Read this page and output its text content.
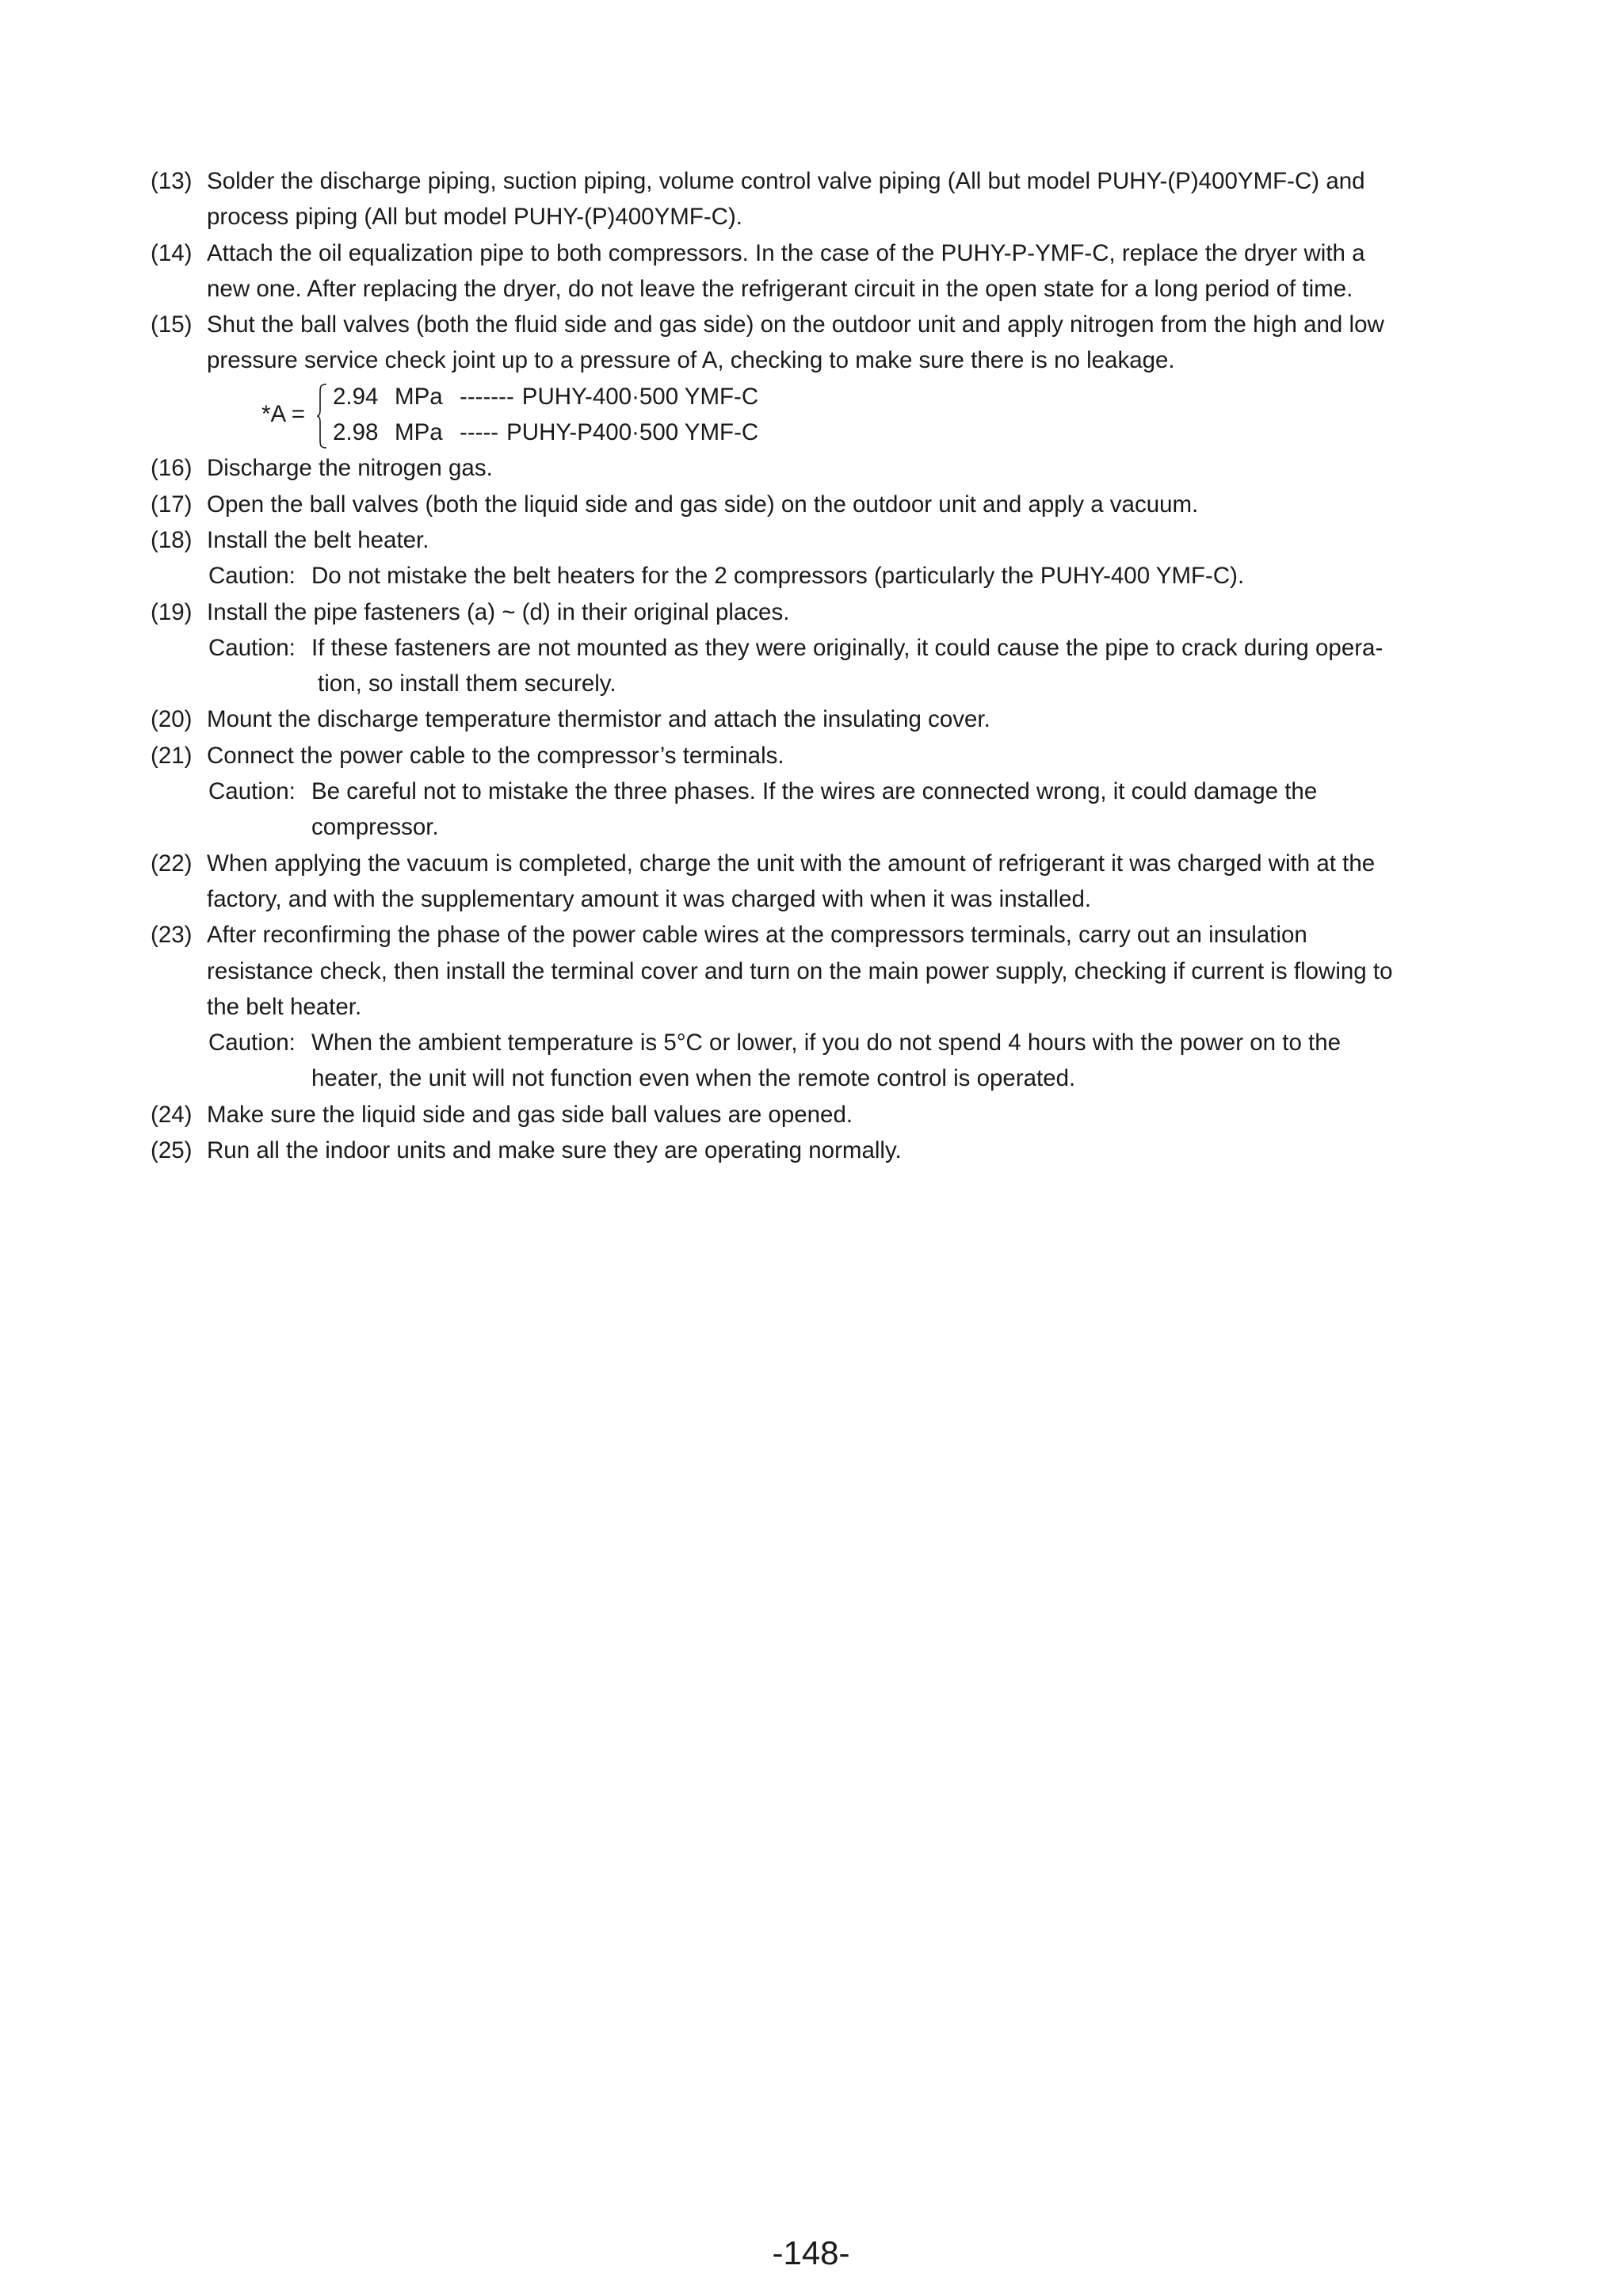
(13) Solder the discharge piping, suction piping, volume control valve piping (All but model PUHY-(P)400YMF-C) and
process piping (All but model PUHY-(P)400YMF-C).
(14) Attach the oil equalization pipe to both compressors. In the case of the PUHY-P-YMF-C, replace the dryer with a
new one. After replacing the dryer, do not leave the refrigerant circuit in the open state for a long period of time.
(15) Shut the ball valves (both the fluid side and gas side) on the outdoor unit and apply nitrogen from the high and low
pressure service check joint up to a pressure of A, checking to make sure there is no leakage.
*A =
2.94 MPa ------- PUHY-400·500 YMF-C
2.98 MPa ----- PUHY-P400·500 YMF-C
(16) Discharge the nitrogen gas.
(17) Open the ball valves (both the liquid side and gas side) on the outdoor unit and apply a vacuum.
(18) Install the belt heater.
Caution: Do not mistake the belt heaters for the 2 compressors (particularly the PUHY-400 YMF-C).
(19) Install the pipe fasteners (a) ~ (d) in their original places.
Caution: If these fasteners are not mounted as they were originally, it could cause the pipe to crack during opera-
tion, so install them securely.
(20) Mount the discharge temperature thermistor and attach the insulating cover.
(21) Connect the power cable to the compressor’s terminals.
Caution: Be careful not to mistake the three phases. If the wires are connected wrong, it could damage the
compressor.
(22) When applying the vacuum is completed, charge the unit with the amount of refrigerant it was charged with at the
factory, and with the supplementary amount it was charged with when it was installed.
(23) After reconfirming the phase of the power cable wires at the compressors terminals, carry out an insulation
resistance check, then install the terminal cover and turn on the main power supply, checking if current is flowing to
the belt heater.
Caution: When the ambient temperature is 5°C or lower, if you do not spend 4 hours with the power on to the
heater, the unit will not function even when the remote control is operated.
(24) Make sure the liquid side and gas side ball values are opened.
(25) Run all the indoor units and make sure they are operating normally.
-148-
